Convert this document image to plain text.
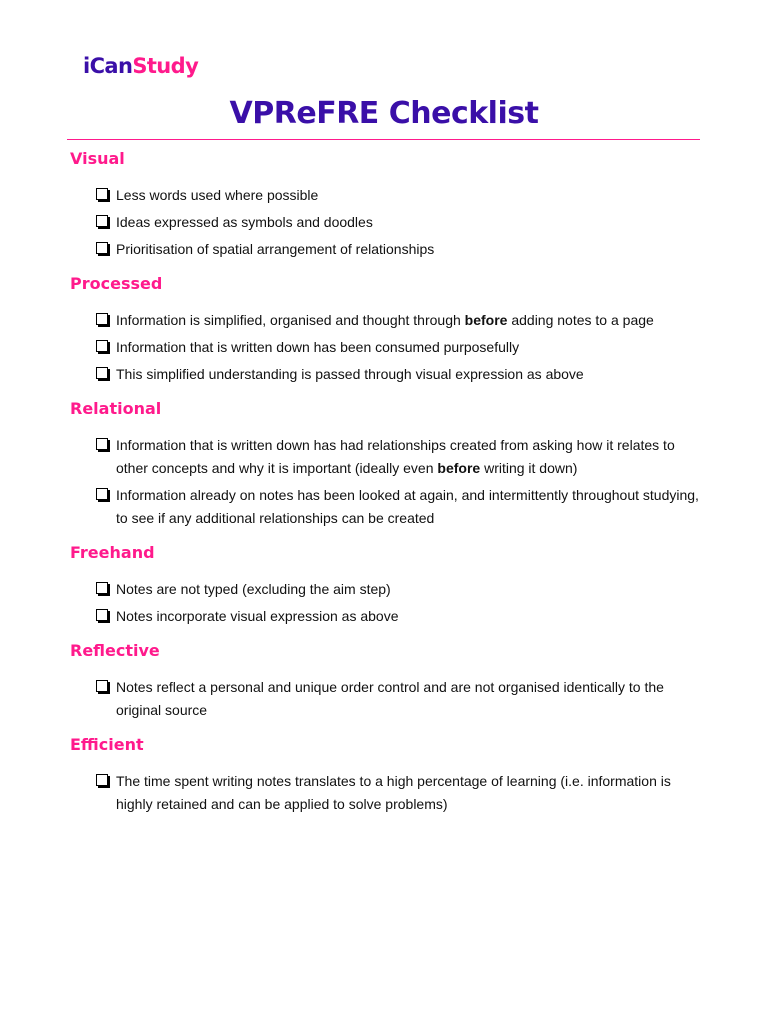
iCanStudy
VPReFRE Checklist
Visual
Less words used where possible
Ideas expressed as symbols and doodles
Prioritisation of spatial arrangement of relationships
Processed
Information is simplified, organised and thought through before adding notes to a page
Information that is written down has been consumed purposefully
This simplified understanding is passed through visual expression as above
Relational
Information that is written down has had relationships created from asking how it relates to other concepts and why it is important (ideally even before writing it down)
Information already on notes has been looked at again, and intermittently throughout studying, to see if any additional relationships can be created
Freehand
Notes are not typed (excluding the aim step)
Notes incorporate visual expression as above
Reflective
Notes reflect a personal and unique order control and are not organised identically to the original source
Efficient
The time spent writing notes translates to a high percentage of learning (i.e. information is highly retained and can be applied to solve problems)
